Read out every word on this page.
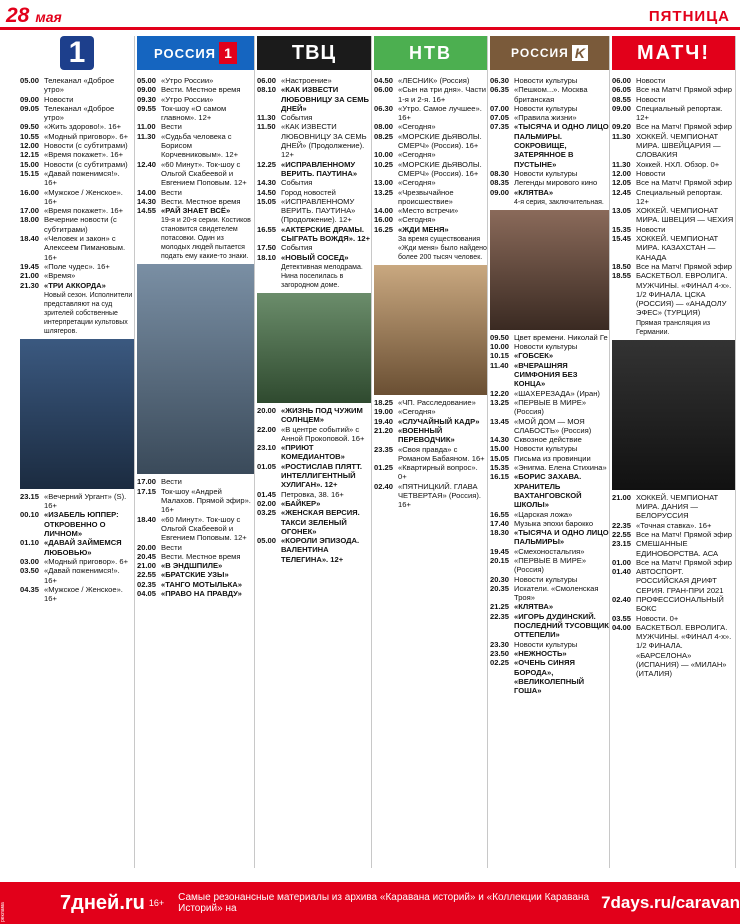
28 мая	ПЯТНИЦА
1
05.00 Телеканал «Доброе утро»
09.00 Новости
09.05 Телеканал «Доброе утро»
09.50 «Жить здорово!». 16+
10.55 «Модный приговор». 6+
12.00 Новости (с субтитрами)
12.15 «Время покажет». 16+
15.00 Новости (с субтитрами)
15.15 «Давай поженимся!». 16+
16.00 «Мужское / Женское». 16+
17.00 «Время покажет». 16+
18.00 Вечерние новости (с субтитрами)
18.40 «Человек и закон» с Алексеем Пимановым. 16+
19.45 «Поле чудес». 16+
21.00 «Время»
21.30 «ТРИ АККОРДА»
Новый сезон. Исполнители представляют на суд зрителей собственные интерпретации культовых шлягеров.
23.15 «Вечерний Ургант» (S). 16+
00.10 «ИЗАБЕЛЬ ЮППЕР: ОТКРОВЕННО О ЛИЧНОМ»
01.10 «ДАВАЙ ЗАЙМЕМСЯ ЛЮБОВЬЮ»
03.00 «Модный приговор». 6+
03.50 «Давай поженимся!». 16+
04.35 «Мужское / Женское». 16+
РОССИЯ 1
05.00 «Утро России»
09.00 Вести. Местное время
09.30 «Утро России»
09.55 Ток-шоу «О самом главном». 12+
11.00 Вести
11.30 «Судьба человека с Борисом Корчевниковым». 12+
12.40 «60 Минут». Ток-шоу с Ольгой Скабеевой и Евгением Поповым. 12+
14.00 Вести
14.30 Вести. Местное время
14.55 «РАЙ ЗНАЕТ ВСЁ»
19-я и 20-я серии. Костиков становится свидетелем потасовки. Один из молодых людей пытается подать ему какие-то знаки.
17.00 Вести
17.15 Ток-шоу «Андрей Малахов. Прямой эфир». 16+
18.40 «60 Минут». Ток-шоу с Ольгой Скабеевой и Евгением Поповым. 12+
20.00 Вести
20.45 Вести. Местное время
21.00 «В ЭНДШПИЛЕ»
22.55 «БРАТСКИЕ УЗЫ»
02.35 «ТАНГО МОТЫЛЬКА»
04.05 «ПРАВО НА ПРАВДУ»
ТВЦ
06.00 «Настроение»
08.10 «КАК ИЗВЕСТИ ЛЮБОВНИЦУ ЗА СЕМЬ ДНЕЙ»
11.30 События
11.50 «КАК ИЗВЕСТИ ЛЮБОВНИЦУ ЗА СЕМЬ ДНЕЙ» (Продолжение). 12+
12.25 «ИСПРАВЛЕННОМУ ВЕРИТЬ. ПАУТИНА»
14.30 События
14.50 Город новостей
15.05 «ИСПРАВЛЕННОМУ ВЕРИТЬ. ПАУТИНА» (Продолжение). 12+
16.55 «АКТЕРСКИЕ ДРАМЫ. СЫГРАТЬ ВОЖДЯ». 12+
17.50 События
18.10 «НОВЫЙ СОСЕД»
Детективная мелодрама. Нина поселилась в загородном доме.
20.00 «ЖИЗНЬ ПОД ЧУЖИМ СОЛНЦЕМ»
22.00 «В центре событий» с Анной Прокоповой. 16+
23.10 «ПРИЮТ КОМЕДИАНТОВ»
01.05 «РОСТИСЛАВ ПЛЯТТ. ИНТЕЛЛИГЕНТНЫЙ ХУЛИГАН». 12+
01.45 Петровка, 38. 16+
02.00 «БАЙКЕР»
03.25 «ЖЕНСКАЯ ВЕРСИЯ. ТАКСИ ЗЕЛЕНЫЙ ОГОНЕК»
05.00 «КОРОЛИ ЭПИЗОДА. ВАЛЕНТИНА ТЕЛЕГИНА». 12+
НТВ
04.50 «ЛЕСНИК» (Россия)
06.00 «Сын на три дня». Части 1-я и 2-я. 16+
06.30 «Утро. Самое лучшее». 16+
08.00 «Сегодня»
08.25 «МОРСКИЕ ДЬЯВОЛЫ. СМЕРЧ» (Россия). 16+
10.00 «Сегодня»
10.25 «МОРСКИЕ ДЬЯВОЛЫ. СМЕРЧ» (Россия). 16+
13.00 «Сегодня»
13.25 «Чрезвычайное происшествие»
14.00 «Место встречи»
16.00 «Сегодня»
16.25 «ЖДИ МЕНЯ»
За время существования «Жди меня» было найдено более 200 тысяч человек.
18.25 «ЧП. Расследование»
19.00 «Сегодня»
19.40 «СЛУЧАЙНЫЙ КАДР»
21.20 «ВОЕННЫЙ ПЕРЕВОДЧИК»
23.35 «Своя правда» с Романом Бабаяном. 16+
01.25 «Квартирный вопрос». 0+
02.40 «ПЯТНИЦКИЙ. ГЛАВА ЧЕТВЕРТАЯ» (Россия). 16+
РОССИЯ K
06.30 Новости культуры
06.35 «Пешком...». Москва британская
07.00 Новости культуры
07.05 «Правила жизни»
07.35 «ТЫСЯЧА И ОДНО ЛИЦО ПАЛЬМИРЫ. СОКРОВИЩЕ, ЗАТЕРЯННОЕ В ПУСТЫНЕ»
08.30 Новости культуры
08.35 Легенды мирового кино
09.00 «КЛЯТВА»
4-я серия, заключительная.
09.50 Цвет времени. Николай Ге
10.00 Новости культуры
10.15 «ГОБСЕК»
11.40 «ВЧЕРАШНЯЯ СИМФОНИЯ БЕЗ КОНЦА»
12.20 «ШАХЕРЕЗАДА» (Иран)
13.25 «ПЕРВЫЕ В МИРЕ» (Россия)
13.45 «МОЙ ДОМ — МОЯ СЛАБОСТЬ» (Россия)
14.30 Сквозное действие
15.00 Новости культуры
15.05 Письма из провинции
15.35 «Энигма. Елена Стихина»
16.15 «БОРИС ЗАХАВА. ХРАНИТЕЛЬ ВАХТАНГОВСКОЙ ШКОЛЫ»
16.55 «Царская ложа»
17.40 Музыка эпохи барокко
18.30 «ТЫСЯЧА И ОДНО ЛИЦО ПАЛЬМИРЫ»
19.45 «Смехоностальгия»
20.15 «ПЕРВЫЕ В МИРЕ» (Россия)
20.30 Новости культуры
20.35 Искатели. «Смоленская Троя»
21.25 «КЛЯТВА»
22.35 «ИГОРЬ ДУДИНСКИЙ. ПОСЛЕДНИЙ ТУСОВЩИК ОТТЕПЕЛИ»
23.30 Новости культуры
23.50 «НЕЖНОСТЬ»
02.25 «ОЧЕНЬ СИНЯЯ БОРОДА», «ВЕЛИКОЛЕПНЫЙ ГОША»
МАТЧ!
06.00 Новости
06.05 Все на Матч! Прямой эфир
08.55 Новости
09.00 Специальный репортаж. 12+
09.20 Все на Матч! Прямой эфир
11.30 ХОККЕЙ. ЧЕМПИОНАТ МИРА. ШВЕЙЦАРИЯ — СЛОВАКИЯ
11.30 Хоккей. НХЛ. Обзор. 0+
12.00 Новости
12.05 Все на Матч! Прямой эфир
12.45 Специальный репортаж. 12+
13.05 ХОККЕЙ. ЧЕМПИОНАТ МИРА. ШВЕЦИЯ — ЧЕХИЯ
15.35 Новости
15.45 ХОККЕЙ. ЧЕМПИОНАТ МИРА. КАЗАХСТАН — КАНАДА
18.50 Все на Матч! Прямой эфир
18.55 БАСКЕТБОЛ. ЕВРОЛИГА. МУЖЧИНЫ. «ФИНАЛ 4-х». 1/2 ФИНАЛА. ЦСКА (РОССИЯ) — «АНАДОЛУ ЭФЕС» (ТУРЦИЯ)
Прямая трансляция из Германии.
21.00 ХОККЕЙ. ЧЕМПИОНАТ МИРА. ДАНИЯ — БЕЛОРУССИЯ
22.35 «Точная ставка». 16+
22.55 Все на Матч! Прямой эфир
23.15 СМЕШАННЫЕ ЕДИНОБОРСТВА. АСА
01.00 Все на Матч! Прямой эфир
01.40 АВТОСПОРТ. РОССИЙСКАЯ ДРИФТ СЕРИЯ. ГРАН-ПРИ 2021
02.40 ПРОФЕССИОНАЛЬНЫЙ БОКС
03.55 Новости. 0+
04.00 БАСКЕТБОЛ. ЕВРОЛИГА. МУЖЧИНЫ. «ФИНАЛ 4-х». 1/2 ФИНАЛА. «БАРСЕЛОНА» (ИСПАНИЯ) — «МИЛАН» (ИТАЛИЯ)
7дней.ru 16+ Самые резонансные материалы из архива «Каравана историй» и «Коллекции Каравана Историй» на	7days.ru/caravan
реклама
